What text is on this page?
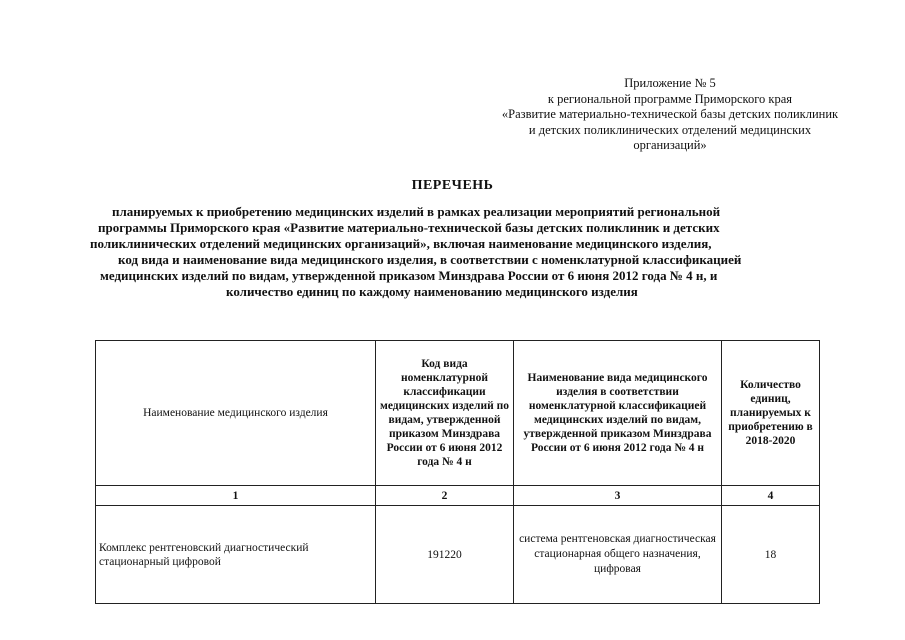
Приложение № 5
к региональной программе Приморского края
«Развитие материально-технической базы детских поликлиник
и детских поликлинических отделений медицинских
организаций»
ПЕРЕЧЕНЬ
планируемых к приобретению медицинских изделий в рамках реализации мероприятий региональной
программы Приморского края «Развитие материально-технической базы детских поликлиник и детских
поликлинических отделений медицинских организаций», включая наименование медицинского изделия,
код вида и наименование вида медицинского изделия, в соответствии с номенклатурной классификацией
медицинских изделий по видам, утвержденной приказом Минздрава России от 6 июня 2012 года № 4 н, и
количество единиц по каждому наименованию медицинского изделия
Наименование медицинского изделия	Код вида номенклатурной классификации медицинских изделий по видам, утвержденной приказом Минздрава России от 6 июня 2012 года № 4 н	Наименование вида медицинского изделия в соответствии номенклатурной классификацией медицинских изделий по видам, утвержденной приказом Минздрава России от 6 июня 2012 года № 4 н	Количество единиц, планируемых к приобретению в 2018-2020
1	2	3	4
Комплекс рентгеновский диагностический стационарный цифровой	191220	система рентгеновская диагностическая стационарная общего назначения, цифровая	18
